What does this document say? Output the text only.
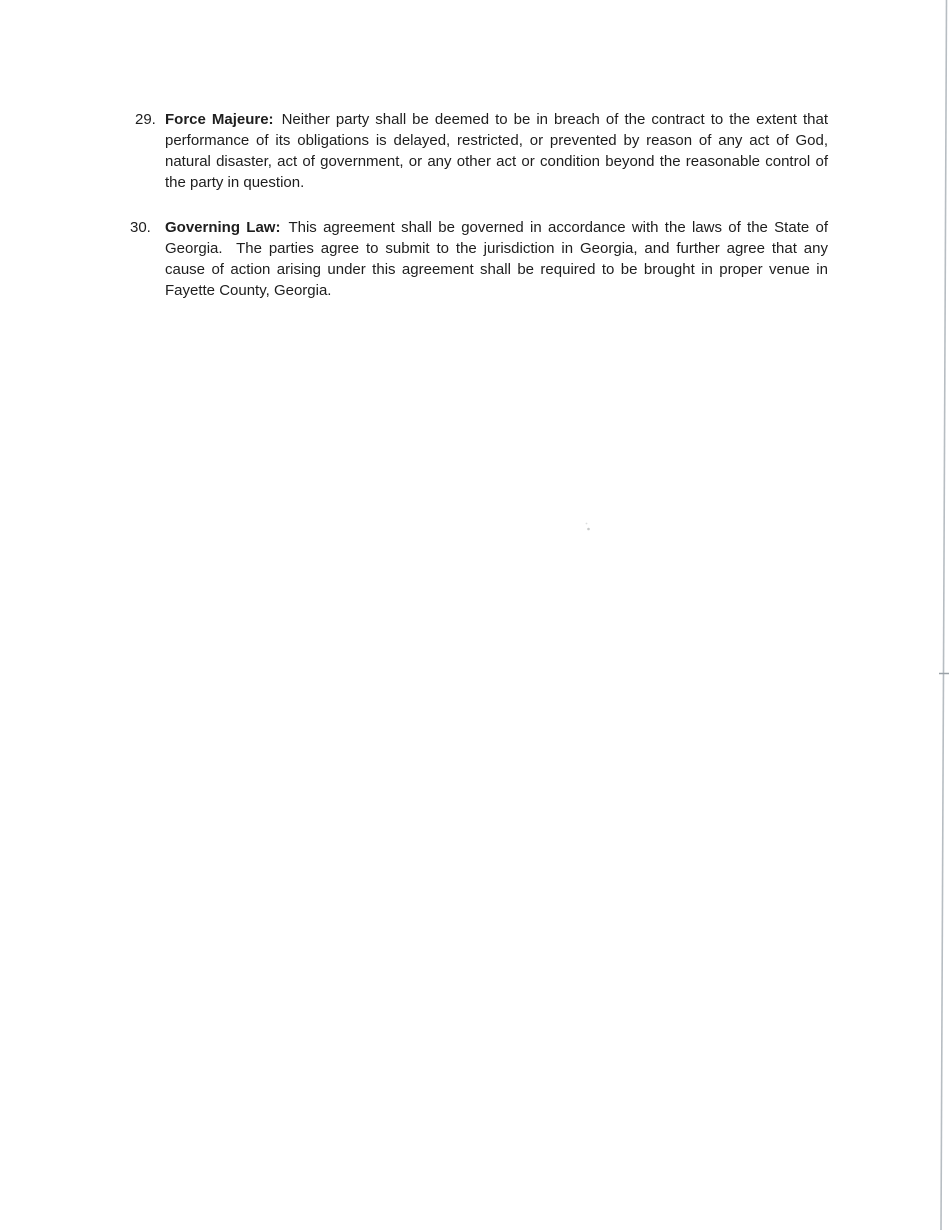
29. Force Majeure: Neither party shall be deemed to be in breach of the contract to the extent that performance of its obligations is delayed, restricted, or prevented by reason of any act of God, natural disaster, act of government, or any other act or condition beyond the reasonable control of the party in question.
30. Governing Law: This agreement shall be governed in accordance with the laws of the State of Georgia.  The parties agree to submit to the jurisdiction in Georgia, and further agree that any cause of action arising under this agreement shall be required to be brought in proper venue in Fayette County, Georgia.
